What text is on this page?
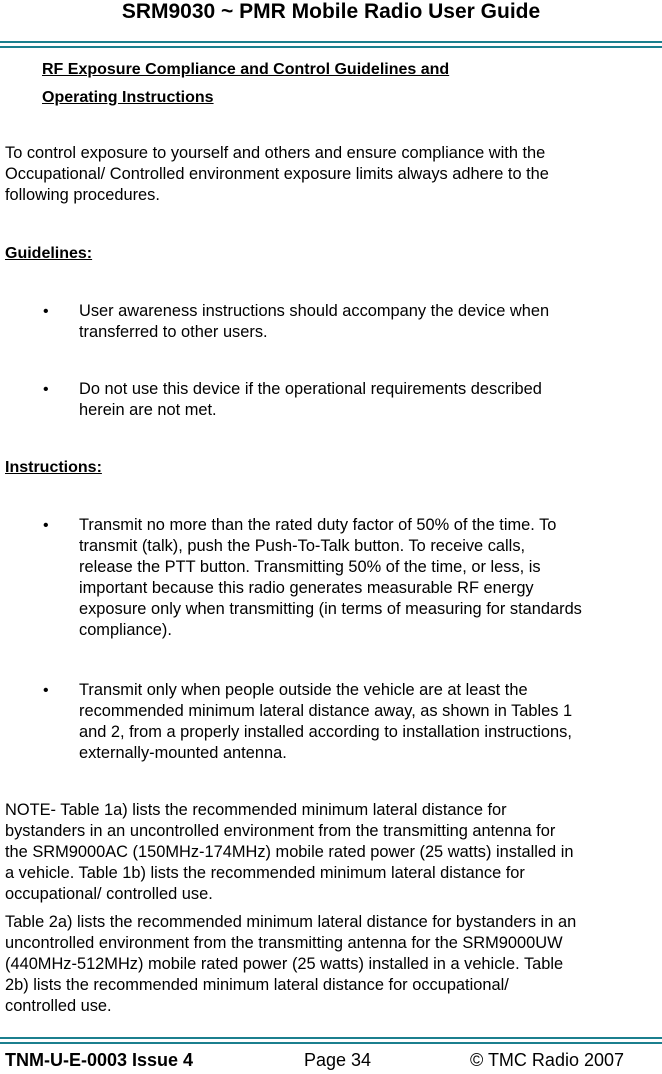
SRM9030 ~ PMR Mobile Radio User Guide
RF Exposure Compliance and Control Guidelines and
Operating Instructions
To control exposure to yourself and others and ensure compliance with the
Occupational/ Controlled environment exposure limits always adhere to the
following procedures.
Guidelines:
• User awareness instructions should accompany the device when
transferred to other users.
• Do not use this device if the operational requirements described
herein are not met.
Instructions:
• Transmit no more than the rated duty factor of 50% of the time. To
transmit (talk), push the Push-To-Talk button. To receive calls,
release the PTT button. Transmitting 50% of the time, or less, is
important because this radio generates measurable RF energy
exposure only when transmitting (in terms of measuring for standards
compliance).
• Transmit only when people outside the vehicle are at least the
recommended minimum lateral distance away, as shown in Tables 1
and 2, from a properly installed according to installation instructions,
externally-mounted antenna.
NOTE- Table 1a) lists the recommended minimum lateral distance for
bystanders in an uncontrolled environment from the transmitting antenna for
the SRM9000AC (150MHz-174MHz) mobile rated power (25 watts) installed in
a vehicle. Table 1b) lists the recommended minimum lateral distance for
occupational/ controlled use.
Table 2a) lists the recommended minimum lateral distance for bystanders in an
uncontrolled environment from the transmitting antenna for the SRM9000UW
(440MHz-512MHz) mobile rated power (25 watts) installed in a vehicle. Table
2b) lists the recommended minimum lateral distance for occupational/
controlled use.
TNM-U-E-0003 Issue 4	Page 34	© TMC Radio 2007
